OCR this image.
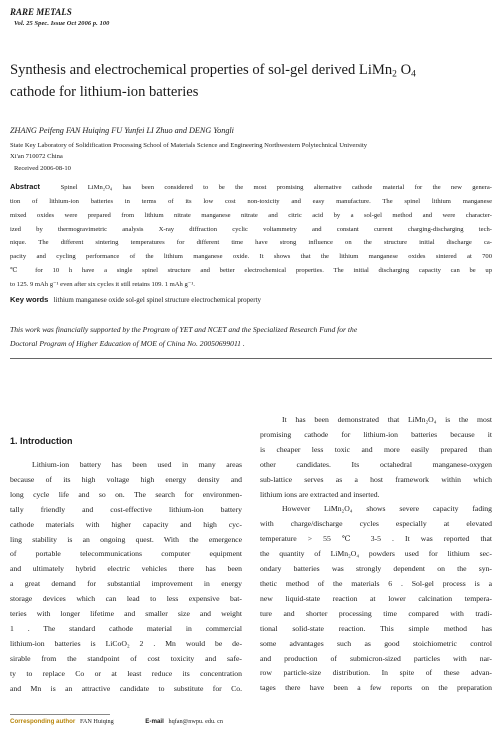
RARE METALS
Vol. 25 Spec. Issue Oct 2006 p. 100
Synthesis and electrochemical properties of sol-gel derived LiMn$_2$ $O_4$
cathode for lithium-ion batteries
ZHANG Peifeng FAN Huiqing FU Yunfei LI Zhuo and DENG Yongli
State Key Laboratory of Solidification Processing School of Materials Science and Engineering Northwestern Polytechnical University
Xi'an 710072 China
Received 2006-08-10
Abstract	Spinel LiMn₂O₄ has been considered to be the most promising alternative cathode material for the new genera-
tion of lithium-ion batteries in terms of its low cost non-toxicity and easy manufacture. The spinel lithium manganese
mixed oxides were prepared from lithium nitrate manganese nitrate and citric acid by a sol-gel method and were character-
ized by thermogravimetric analysis X-ray diffraction cyclic voltammetry and constant current charging-discharging tech-
nique. The different sintering temperatures for different time have strong influence on the structure initial discharge ca-
pacity and cycling performance of the lithium manganese oxide. It shows that the lithium manganese oxides sintered at 700
℃ for 10 h have a single spinel structure and better electrochemical properties. The initial discharging capacity can be up
to 125. 9 mAh g⁻¹ even after six cycles it still retains 109. 1 mAh g⁻¹.
Key words lithium manganese oxide sol-gel spinel structure electrochemical property
This work was financially supported by the Program of YET and NCET and the Specialized Research Fund for the
Doctoral Program of Higher Education of MOE of China No. 20050699011 .
1. Introduction
Lithium-ion battery has been used in many areas
because of its high voltage high energy density and
long cycle life and so on. The search for environmen-
tally friendly and cost-effective lithium-ion battery
cathode materials with higher capacity and high cyc-
ling stability is an ongoing quest. With the emergence
of portable telecommunications computer equipment
and ultimately hybrid electric vehicles there has been
a great demand for substantial improvement in energy
storage devices which can lead to less expensive bat-
teries with longer lifetime and smaller size and weight
1 . The standard cathode material in commercial
lithium-ion batteries is LiCoO₂ 2 . Mn would be de-
sirable from the standpoint of cost toxicity and safe-
ty to replace Co or at least reduce its concentration
and Mn is an attractive candidate to substitute for Co.
It has been demonstrated that LiMn₂O₄ is the most
promising cathode for lithium-ion batteries because it
is cheaper less toxic and more easily prepared than
other candidates. Its octahedral manganese-oxygen
sub-lattice serves as a host framework within which
lithium ions are extracted and inserted.
However LiMn₂O₄ shows severe capacity fading
with charge/discharge cycles especially at elevated
temperature > 55 ℃ 3-5 . It was reported that
the quantity of LiMn₂O₄ powders used for lithium sec-
ondary batteries was strongly dependent on the syn-
thetic method of the materials 6 . Sol-gel process is a
new liquid-state reaction at lower calcination tempera-
ture and shorter processing time compared with tradi-
tional solid-state reaction. This simple method has
some advantages such as good stoichiometric control
and production of submicron-sized particles with nar-
row particle-size distribution. In spite of these advan-
tages there have been a few reports on the preparation
Corresponding author FAN Huiqing	E-mail hqfan@nwpu. edu. cn
